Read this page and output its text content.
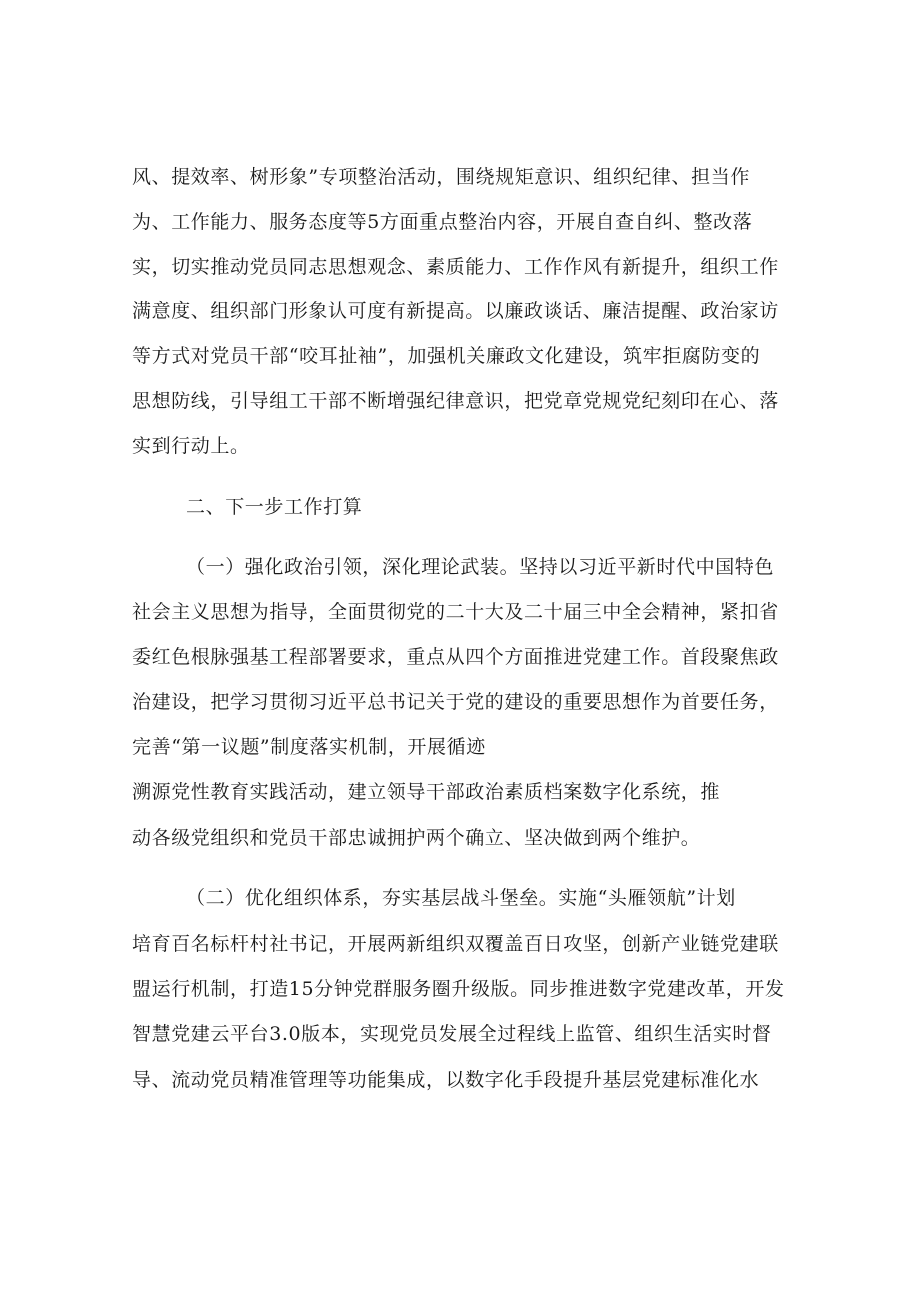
风、提效率、树形象”专项整治活动，围绕规矩意识、组织纪律、担当作
为、工作能力、服务态度等5方面重点整治内容，开展自查自纠、整改落
实，切实推动党员同志思想观念、素质能力、工作作风有新提升，组织工作
满意度、组织部门形象认可度有新提高。以廉政谈话、廉洁提醒、政治家访
等方式对党员干部“咬耳扯袖”，加强机关廉政文化建设，筑牢拒腐防变的
思想防线，引导组工干部不断增强纪律意识，把党章党规党纪刻印在心、落
实到行动上。
二、下一步工作打算
（一）强化政治引领，深化理论武装。坚持以习近平新时代中国特色
社会主义思想为指导，全面贯彻党的二十大及二十届三中全会精神，紧扣省
委红色根脉强基工程部署要求，重点从四个方面推进党建工作。首段聚焦政
治建设，把学习贯彻习近平总书记关于党的建设的重要思想作为首要任务，
完善“第一议题”制度落实机制，开展循迹
溯源党性教育实践活动，建立领导干部政治素质档案数字化系统，推
动各级党组织和党员干部忠诚拥护两个确立、坚决做到两个维护。
（二）优化组织体系，夯实基层战斗堡垒。实施“头雁领航”计划
培育百名标杆村社书记，开展两新组织双覆盖百日攻坚，创新产业链党建联
盟运行机制，打造15分钟党群服务圈升级版。同步推进数字党建改革，开发
智慧党建云平台3.0版本，实现党员发展全过程线上监管、组织生活实时督
导、流动党员精准管理等功能集成，以数字化手段提升基层党建标准化水
